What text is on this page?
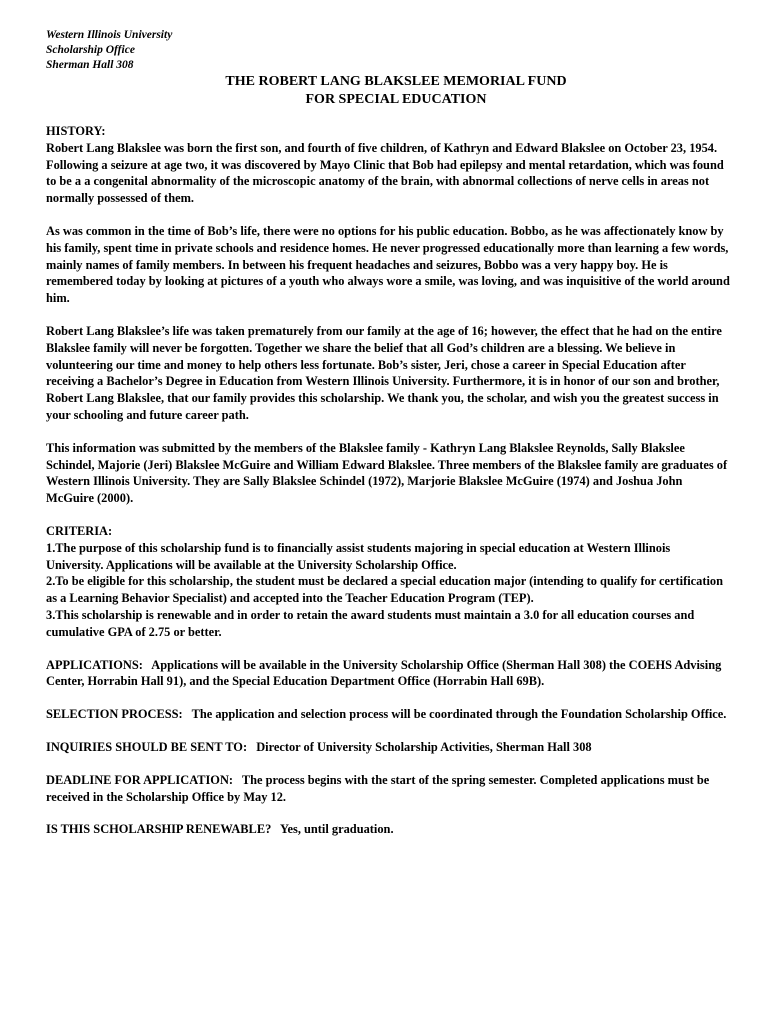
Western Illinois University
Scholarship Office
Sherman Hall 308
THE ROBERT LANG BLAKSLEE MEMORIAL FUND
FOR SPECIAL EDUCATION
HISTORY:
Robert Lang Blakslee was born the first son, and fourth of five children, of Kathryn and Edward Blakslee on October 23, 1954. Following a seizure at age two, it was discovered by Mayo Clinic that Bob had epilepsy and mental retardation, which was found to be a a congenital abnormality of the microscopic anatomy of the brain, with abnormal collections of nerve cells in areas not normally possessed of them.
As was common in the time of Bob’s life, there were no options for his public education. Bobbo, as he was affectionately know by his family, spent time in private schools and residence homes. He never progressed educationally more than learning a few words, mainly names of family members. In between his frequent headaches and seizures, Bobbo was a very happy boy. He is remembered today by looking at pictures of a youth who always wore a smile, was loving, and was inquisitive of the world around him.
Robert Lang Blakslee’s life was taken prematurely from our family at the age of 16; however, the effect that he had on the entire Blakslee family will never be forgotten. Together we share the belief that all God’s children are a blessing. We believe in volunteering our time and money to help others less fortunate. Bob’s sister, Jeri, chose a career in Special Education after receiving a Bachelor’s Degree in Education from Western Illinois University. Furthermore, it is in honor of our son and brother, Robert Lang Blakslee, that our family provides this scholarship. We thank you, the scholar, and wish you the greatest success in your schooling and future career path.
This information was submitted by the members of the Blakslee family - Kathryn Lang Blakslee Reynolds, Sally Blakslee Schindel, Majorie (Jeri) Blakslee McGuire and William Edward Blakslee. Three members of the Blakslee family are graduates of Western Illinois University. They are Sally Blakslee Schindel (1972), Marjorie Blakslee McGuire (1974) and Joshua John McGuire (2000).
CRITERIA:
1.The purpose of this scholarship fund is to financially assist students majoring in special education at Western Illinois University. Applications will be available at the University Scholarship Office.
2.To be eligible for this scholarship, the student must be declared a special education major (intending to qualify for certification as a Learning Behavior Specialist) and accepted into the Teacher Education Program (TEP).
3.This scholarship is renewable and in order to retain the award students must maintain a 3.0 for all education courses and cumulative GPA of 2.75 or better.
APPLICATIONS: Applications will be available in the University Scholarship Office (Sherman Hall 308) the COEHS Advising Center, Horrabin Hall 91), and the Special Education Department Office (Horrabin Hall 69B).
SELECTION PROCESS: The application and selection process will be coordinated through the Foundation Scholarship Office.
INQUIRIES SHOULD BE SENT TO: Director of University Scholarship Activities, Sherman Hall 308
DEADLINE FOR APPLICATION: The process begins with the start of the spring semester. Completed applications must be received in the Scholarship Office by May 12.
IS THIS SCHOLARSHIP RENEWABLE? Yes, until graduation.
